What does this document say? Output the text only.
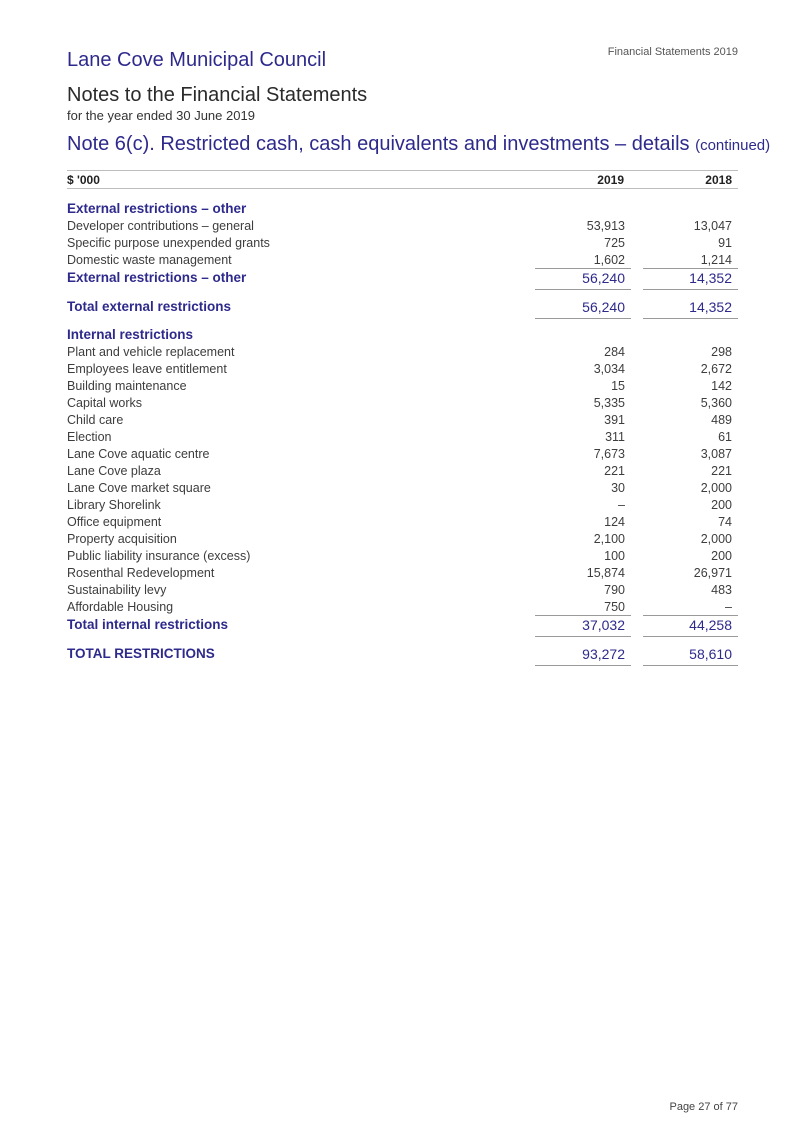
Lane Cove Municipal Council	Financial Statements 2019
Notes to the Financial Statements
for the year ended 30 June 2019
Note 6(c). Restricted cash, cash equivalents and investments – details (continued)
$ '000	2019	2018
External restrictions – other
Developer contributions – general	53,913	13,047
Specific purpose unexpended grants	725	91
Domestic waste management	1,602	1,214
External restrictions – other	56,240	14,352
Total external restrictions	56,240	14,352
Internal restrictions
Plant and vehicle replacement	284	298
Employees leave entitlement	3,034	2,672
Building maintenance	15	142
Capital works	5,335	5,360
Child care	391	489
Election	311	61
Lane Cove aquatic centre	7,673	3,087
Lane Cove plaza	221	221
Lane Cove market square	30	2,000
Library Shorelink	–	200
Office equipment	124	74
Property acquisition	2,100	2,000
Public liability insurance (excess)	100	200
Rosenthal Redevelopment	15,874	26,971
Sustainability levy	790	483
Affordable Housing	750	–
Total internal restrictions	37,032	44,258
TOTAL RESTRICTIONS	93,272	58,610
Page 27 of 77
